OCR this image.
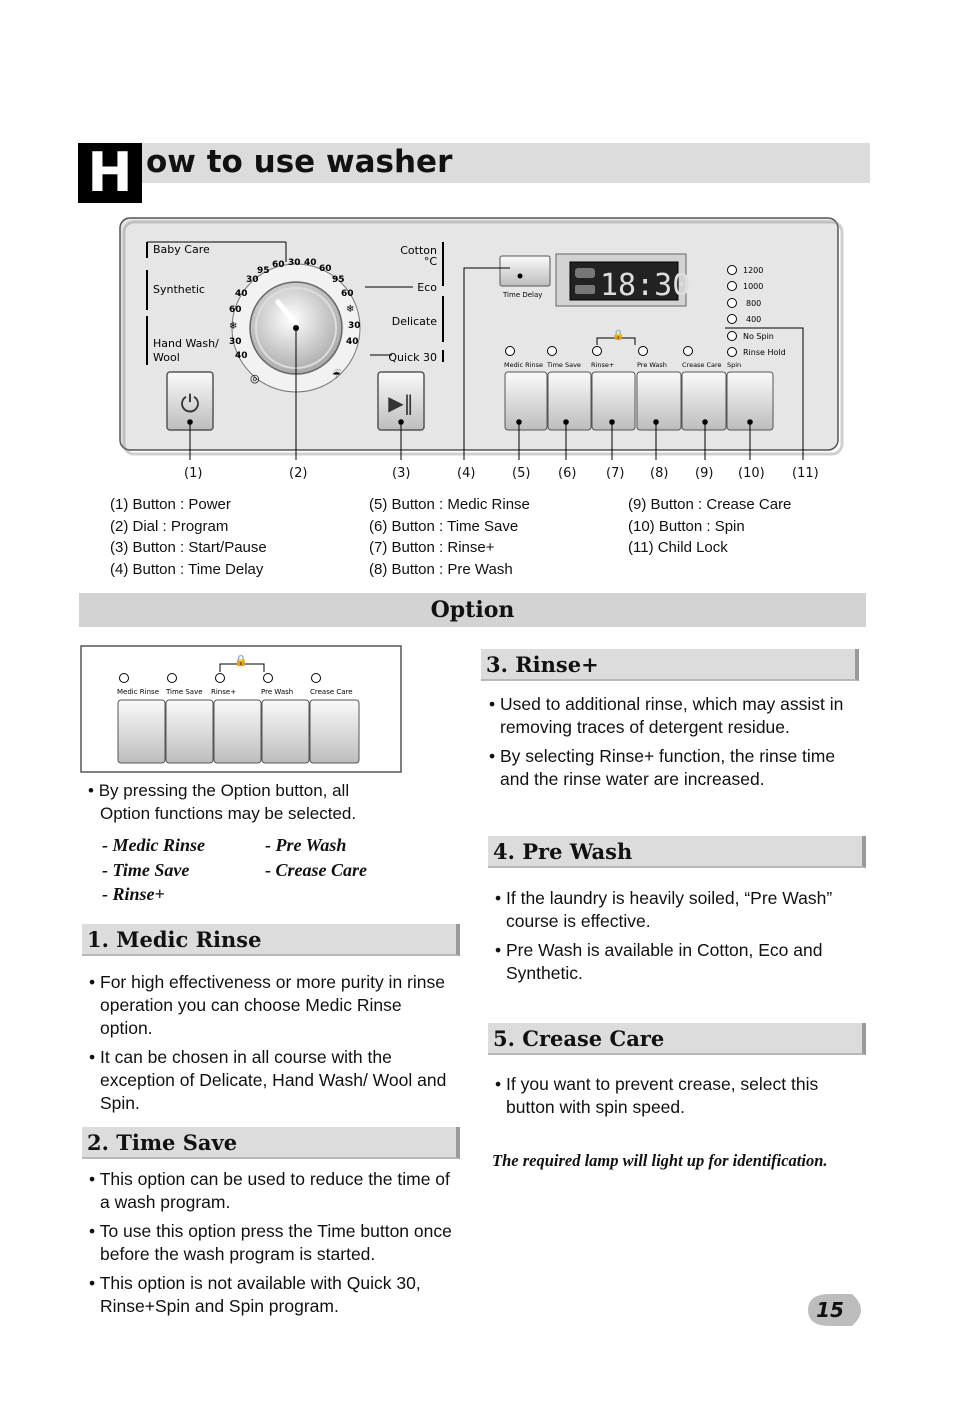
H ow to use washer
Baby Care
Synthetic
Hand Wash/
Wool
Cotton
°C
Eco
Delicate
Quick 30
95
60 30 40
60
95
30
40	60
60
30
40
30
40
❄
❄
◎	☔
⏻	▶‖
Time Delay 18:30	1200
1000
800
400
No Spin
Rinse Hold
🔒
Medic Rinse Time Save Rinse+	Pre Wash Crease Care Spin
(1)	(2)	(3)	(4)	(5) (6) (7) (8) (9) (10) (11)
(1) Button : Power
(2) Dial : Program
(3) Button : Start/Pause
(4) Button : Time Delay
(5) Button : Medic Rinse
(6) Button : Time Save
(7) Button : Rinse+
(8) Button : Pre Wash
(9) Button : Crease Care
(10) Button : Spin
(11) Child Lock
Option
🔒
Medic Rinse Time Save Rinse+	Pre Wash Crease Care
• By pressing the Option button, all
Option functions may be selected.
- Medic Rinse
- Time Save
- Rinse+
- Pre Wash
- Crease Care
1. Medic Rinse
• For high effectiveness or more purity in rinse operation you can choose Medic Rinse option.
• It can be chosen in all course with the exception of Delicate, Hand Wash/ Wool and Spin.
2. Time Save
• This option can be used to reduce the time of a wash program.
• To use this option press the Time button once before the wash program is started.
• This option is not available with Quick 30, Rinse+Spin and Spin program.
3. Rinse+
• Used to additional rinse, which may assist in removing traces of detergent residue.
• By selecting Rinse+ function, the rinse time and the rinse water are increased.
4. Pre Wash
• If the laundry is heavily soiled, “Pre Wash” course is effective.
• Pre Wash is available in Cotton, Eco and Synthetic.
5. Crease Care
• If you want to prevent crease, select this button with spin speed.
The required lamp will light up for identification.
15
